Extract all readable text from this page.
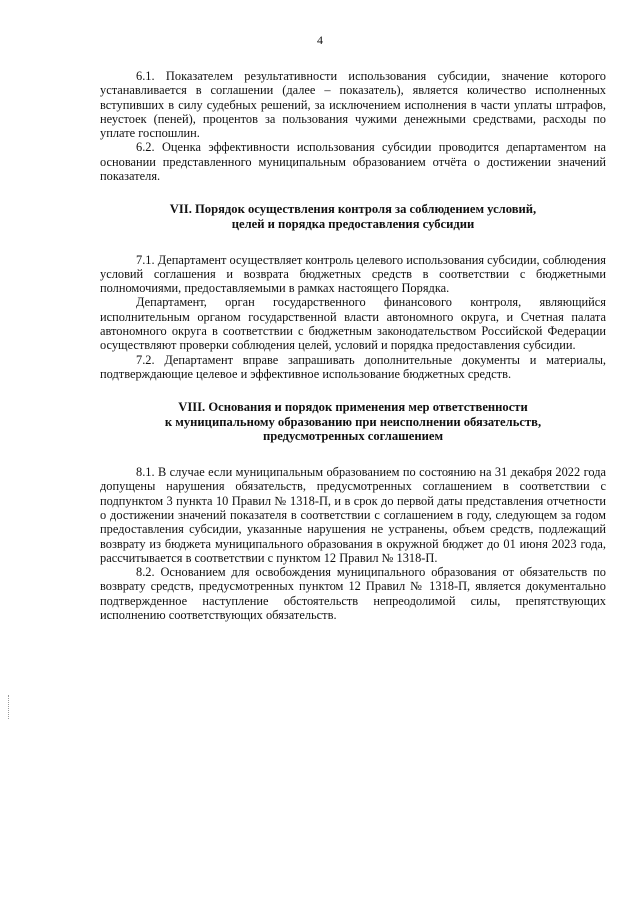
4

6.1. Показателем результативности использования субсидии, значение которого устанавливается в соглашении (далее – показатель), является количество исполненных вступивших в силу судебных решений, за исключением исполнения в части уплаты штрафов, неустоек (пеней), процентов за пользования чужими денежными средствами, расходы по уплате госпошлин.

6.2. Оценка эффективности использования субсидии проводится департаментом на основании представленного муниципальным образованием отчёта о достижении значений показателя.

VII. Порядок осуществления контроля за соблюдением условий,
целей и порядка предоставления субсидии

7.1. Департамент осуществляет контроль целевого использования субсидии, соблюдения условий соглашения и возврата бюджетных средств в соответствии с бюджетными полномочиями, предоставляемыми в рамках настоящего Порядка.

Департамент, орган государственного финансового контроля, являющийся исполнительным органом государственной власти автономного округа, и Счетная палата автономного округа в соответствии с бюджетным законодательством Российской Федерации осуществляют проверки соблюдения целей, условий и порядка предоставления субсидии.

7.2. Департамент вправе запрашивать дополнительные документы и материалы, подтверждающие целевое и эффективное использование бюджетных средств.

VIII. Основания и порядок применения мер ответственности
к муниципальному образованию при неисполнении обязательств,
предусмотренных соглашением

8.1. В случае если муниципальным образованием по состоянию на 31 декабря 2022 года допущены нарушения обязательств, предусмотренных соглашением в соответствии с подпунктом 3 пункта 10 Правил № 1318-П, и в срок до первой даты представления отчетности о достижении значений показателя в соответствии с соглашением в году, следующем за годом предоставления субсидии, указанные нарушения не устранены, объем средств, подлежащий возврату из бюджета муниципального образования в окружной бюджет до 01 июня 2023 года, рассчитывается в соответствии с пунктом 12 Правил № 1318-П.

8.2. Основанием для освобождения муниципального образования от обязательств по возврату средств, предусмотренных пунктом 12 Правил № 1318-П, является документально подтвержденное наступление обстоятельств непреодолимой силы, препятствующих исполнению соответствующих обязательств.
